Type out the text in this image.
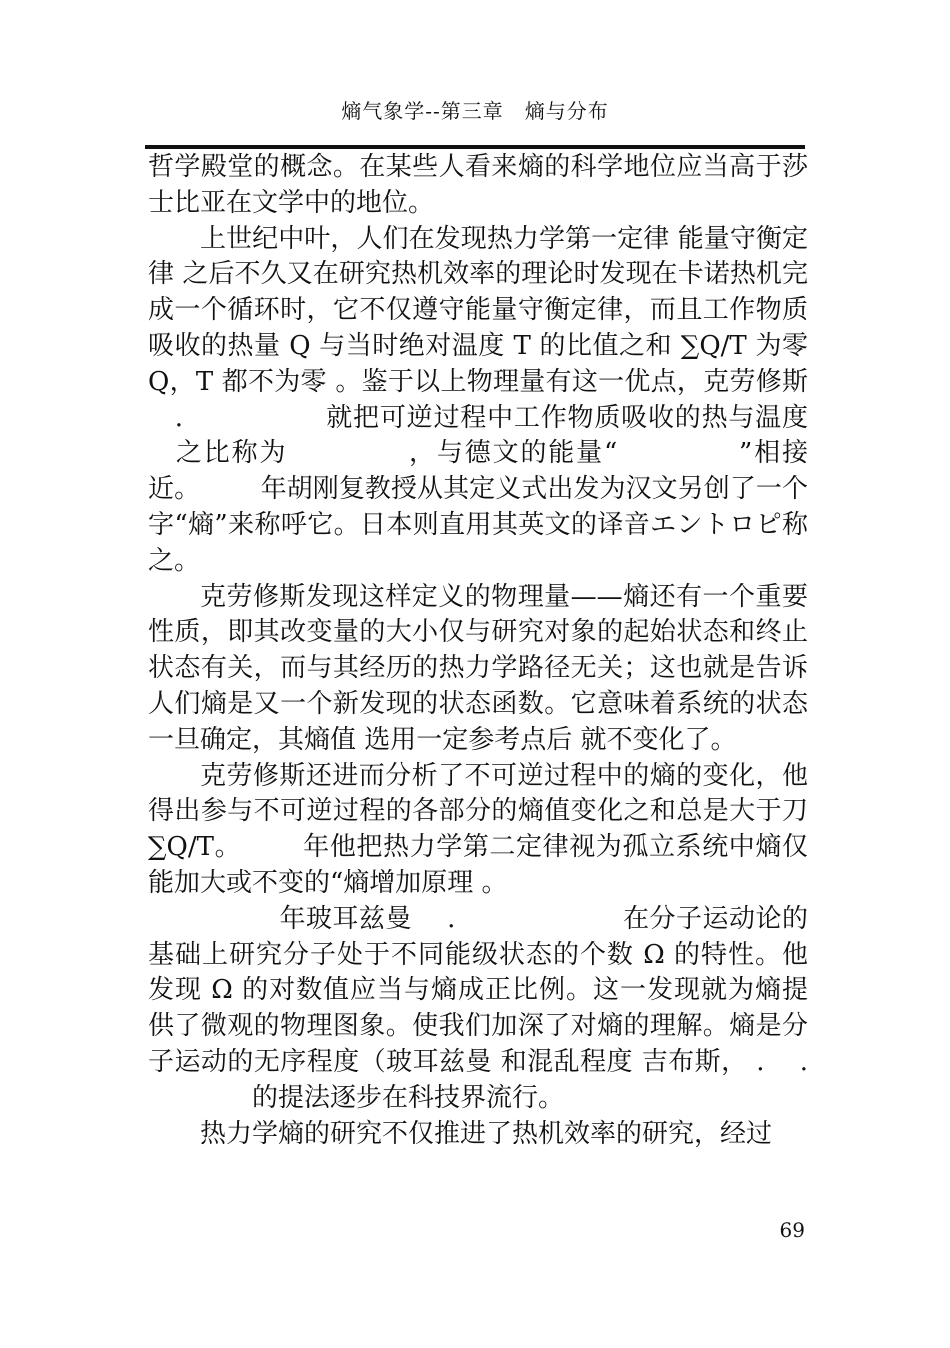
熵气象学--第三章　熵与分布

哲学殿堂的概念。在某些人看来熵的科学地位应当高于莎士比亚在文学中的地位。

上世纪中叶，人们在发现热力学第一定律 能量守衡定律 之后不久又在研究热机效率的理论时发现在卡诺热机完成一个循环时，它不仅遵守能量守衡定律，而且工作物质吸收的热量 Q 与当时绝对温度 T 的比值之和 ∑Q/T 为零 Q，T 都不为零 。鉴于以上物理量有这一优点，克劳修斯 　. 　　　　　就把可逆过程中工作物质吸收的热与温度 　之比称为 　　　　，与德文的能量“ 　　　　”相接近。 　　年胡刚复教授从其定义式出发为汉文另创了一个字“熵”来称呼它。日本则直用其英文的译音エントロピ称之。

克劳修斯发现这样定义的物理量——熵还有一个重要性质，即其改变量的大小仅与研究对象的起始状态和终止状态有关，而与其经历的热力学路径无关；这也就是告诉人们熵是又一个新发现的状态函数。它意味着系统的状态一旦确定，其熵值 选用一定参考点后 就不变化了。

克劳修斯还进而分析了不可逆过程中的熵的变化，他得出参与不可逆过程的各部分的熵值变化之和总是大于刀∑Q/T。 　　年他把热力学第二定律视为孤立系统中熵仅能加大或不变的“熵增加原理 。

　　　年玻耳兹曼 　. 　　　　　　在分子运动论的基础上研究分子处于不同能级状态的个数 Ω 的特性。他发现 Ω 的对数值应当与熵成正比例。这一发现就为熵提供了微观的物理图象。使我们加深了对熵的理解。熵是分子运动的无序程度（玻耳兹曼 和混乱程度 吉布斯， . 　. 　　　　的提法逐步在科技界流行。

热力学熵的研究不仅推进了热机效率的研究，经过

69
